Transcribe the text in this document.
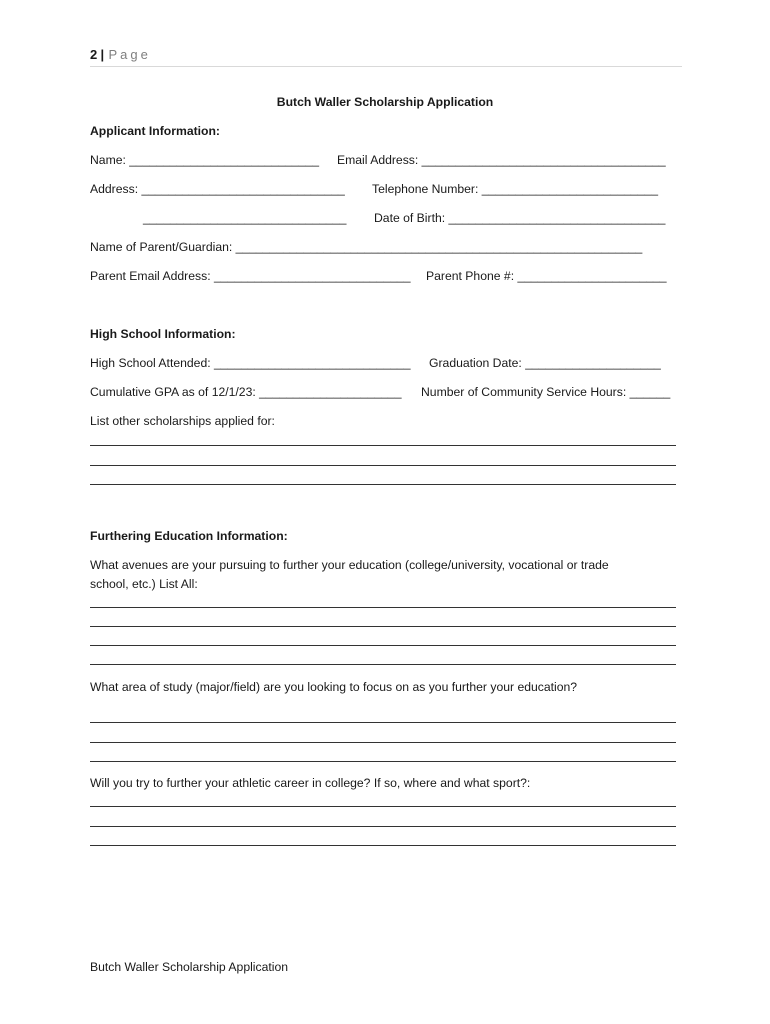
2 | Page
Butch Waller Scholarship Application
Applicant Information:
Name: ____________________________ Email Address: ____________________________________
Address: ______________________________ Telephone Number: __________________________
______________________________ Date of Birth: ________________________________
Name of Parent/Guardian: ____________________________________________________________
Parent Email Address: _____________________________ Parent Phone #: ______________________
High School Information:
High School Attended: _____________________________ Graduation Date: ____________________
Cumulative GPA as of 12/1/23: _____________________ Number of Community Service Hours: ______
List other scholarships applied for:
Furthering Education Information:
What avenues are your pursuing to further your education (college/university, vocational or trade
school, etc.) List All:
What area of study (major/field) are you looking to focus on as you further your education?
Will you try to further your athletic career in college? If so, where and what sport?:
Butch Waller Scholarship Application
